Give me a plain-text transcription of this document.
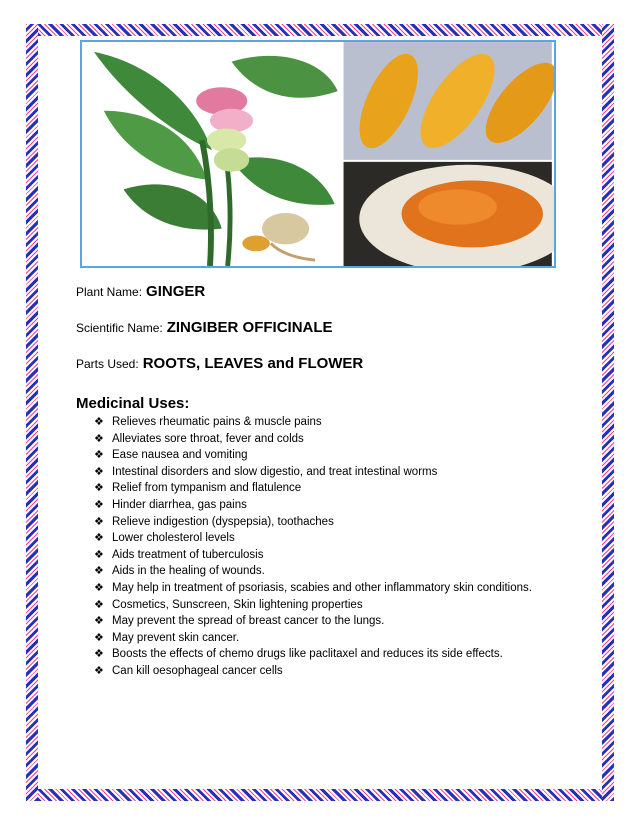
Plant Name: GINGER
Scientific Name: ZINGIBER OFFICINALE
Parts Used: ROOTS, LEAVES and FLOWER
Medicinal Uses:
❖ Relieves rheumatic pains & muscle pains
❖ Alleviates sore throat, fever and colds
❖ Ease nausea and vomiting
❖ Intestinal disorders and slow digestio, and treat intestinal worms
❖ Relief from tympanism and flatulence
❖ Hinder diarrhea, gas pains
❖ Relieve indigestion (dyspepsia), toothaches
❖ Lower cholesterol levels
❖ Aids treatment of tuberculosis
❖ Aids in the healing of wounds.
❖ May help in treatment of psoriasis, scabies and other inflammatory skin conditions.
❖ Cosmetics, Sunscreen, Skin lightening properties
❖ May prevent the spread of breast cancer to the lungs.
❖ May prevent skin cancer.
❖ Boosts the effects of chemo drugs like paclitaxel and reduces its side effects.
❖ Can kill oesophageal cancer cells
